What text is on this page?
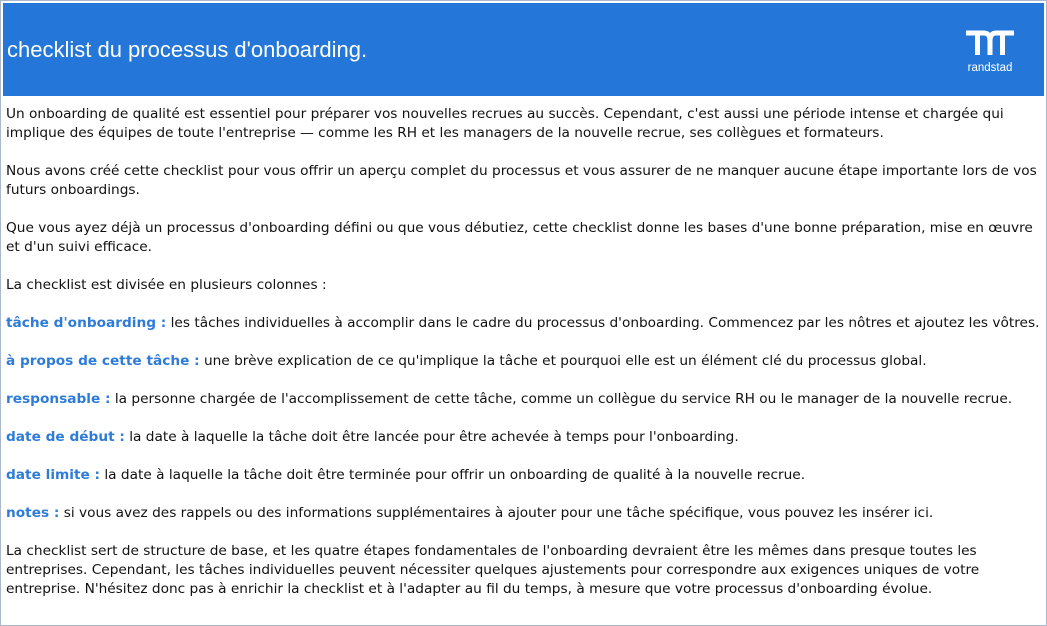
checklist du processus d'onboarding.
randstad

Un onboarding de qualité est essentiel pour préparer vos nouvelles recrues au succès. Cependant, c'est aussi une période intense et chargée qui implique des équipes de toute l'entreprise — comme les RH et les managers de la nouvelle recrue, ses collègues et formateurs.

Nous avons créé cette checklist pour vous offrir un aperçu complet du processus et vous assurer de ne manquer aucune étape importante lors de vos futurs onboardings.

Que vous ayez déjà un processus d'onboarding défini ou que vous débutiez, cette checklist donne les bases d'une bonne préparation, mise en œuvre et d'un suivi efficace.

La checklist est divisée en plusieurs colonnes :

tâche d'onboarding : les tâches individuelles à accomplir dans le cadre du processus d'onboarding. Commencez par les nôtres et ajoutez les vôtres.

à propos de cette tâche : une brève explication de ce qu'implique la tâche et pourquoi elle est un élément clé du processus global.

responsable : la personne chargée de l'accomplissement de cette tâche, comme un collègue du service RH ou le manager de la nouvelle recrue.

date de début : la date à laquelle la tâche doit être lancée pour être achevée à temps pour l'onboarding.

date limite : la date à laquelle la tâche doit être terminée pour offrir un onboarding de qualité à la nouvelle recrue.

notes : si vous avez des rappels ou des informations supplémentaires à ajouter pour une tâche spécifique, vous pouvez les insérer ici.

La checklist sert de structure de base, et les quatre étapes fondamentales de l'onboarding devraient être les mêmes dans presque toutes les entreprises. Cependant, les tâches individuelles peuvent nécessiter quelques ajustements pour correspondre aux exigences uniques de votre entreprise. N'hésitez donc pas à enrichir la checklist et à l'adapter au fil du temps, à mesure que votre processus d'onboarding évolue.
